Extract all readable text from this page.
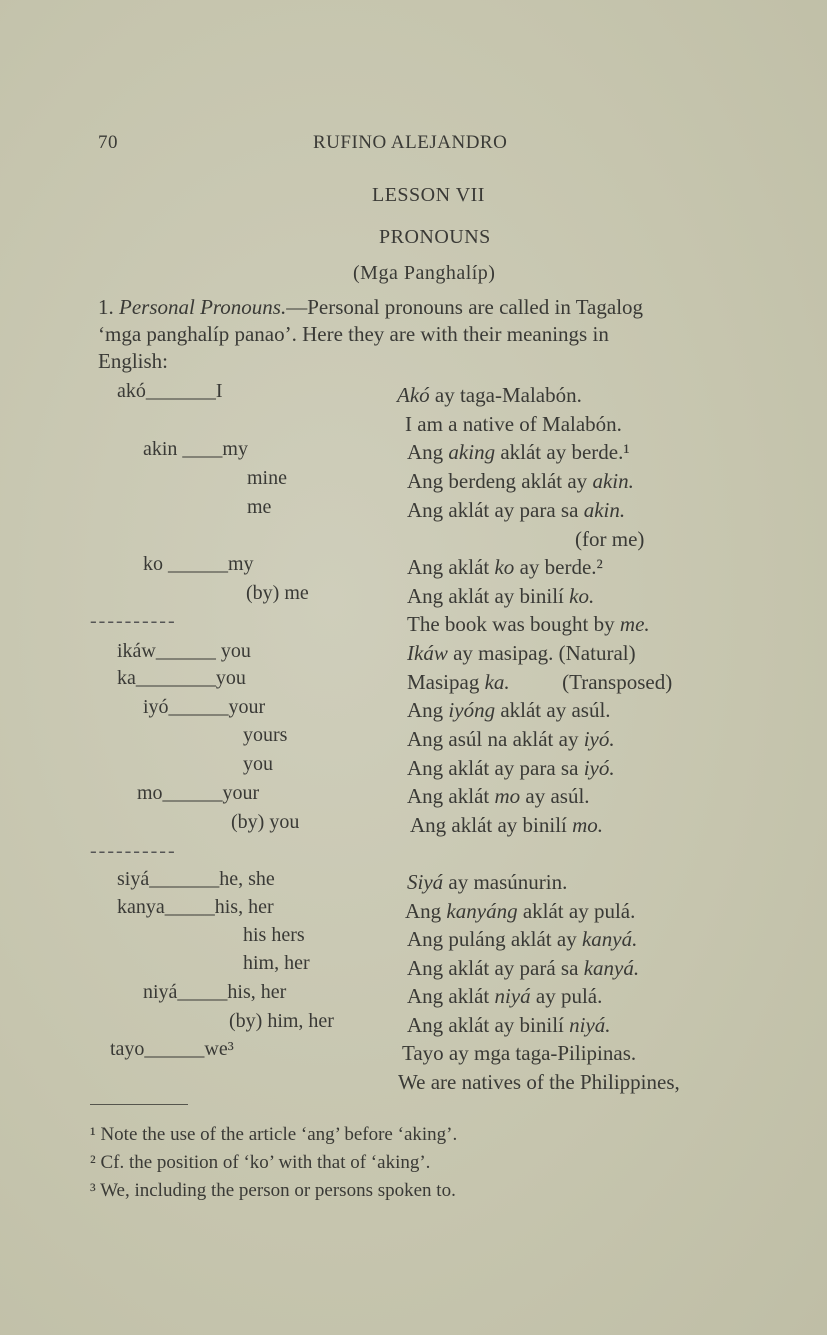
70	RUFINO ALEJANDRO
LESSON VII
PRONOUNS
(Mga Panghalíp)
1. Personal Pronouns.—Personal pronouns are called in Tagalog
‘mga panghalíp panao’. Here they are with their meanings in
English:
akó_______I
akin ____my
mine
me
ko ______my
(by) me
----------
ikáw______ you
ka________you
iyó______your
yours
you
mo______your
(by) you
----------
siyá_______he, she
kanya_____his, her
his hers
him, her
niyá_____his, her
(by) him, her
tayo______we³
Akó ay taga-Malabón.
I am a native of Malabón.
Ang aking aklát ay berde.¹
Ang berdeng aklát ay akin.
Ang aklát ay para sa akin.
(for me)
Ang aklát ko ay berde.²
Ang aklát ay binilí ko.
The book was bought by me.
Ikáw ay masipag. (Natural)
Masipag ka.          (Transposed)
Ang iyóng aklát ay asúl.
Ang asúl na aklát ay iyó.
Ang aklát ay para sa iyó.
Ang aklát mo ay asúl.
Ang aklát ay binilí mo.
Siyá ay masúnurin.
Ang kanyáng aklát ay pulá.
Ang puláng aklát ay kanyá.
Ang aklát ay pará sa kanyá.
Ang aklát niyá ay pulá.
Ang aklát ay binilí niyá.
Tayo ay mga taga-Pilipinas.
We are natives of the Philippines,
¹ Note the use of the article ‘ang’ before ‘aking’.
² Cf. the position of ‘ko’ with that of ‘aking’.
³ We, including the person or persons spoken to.
